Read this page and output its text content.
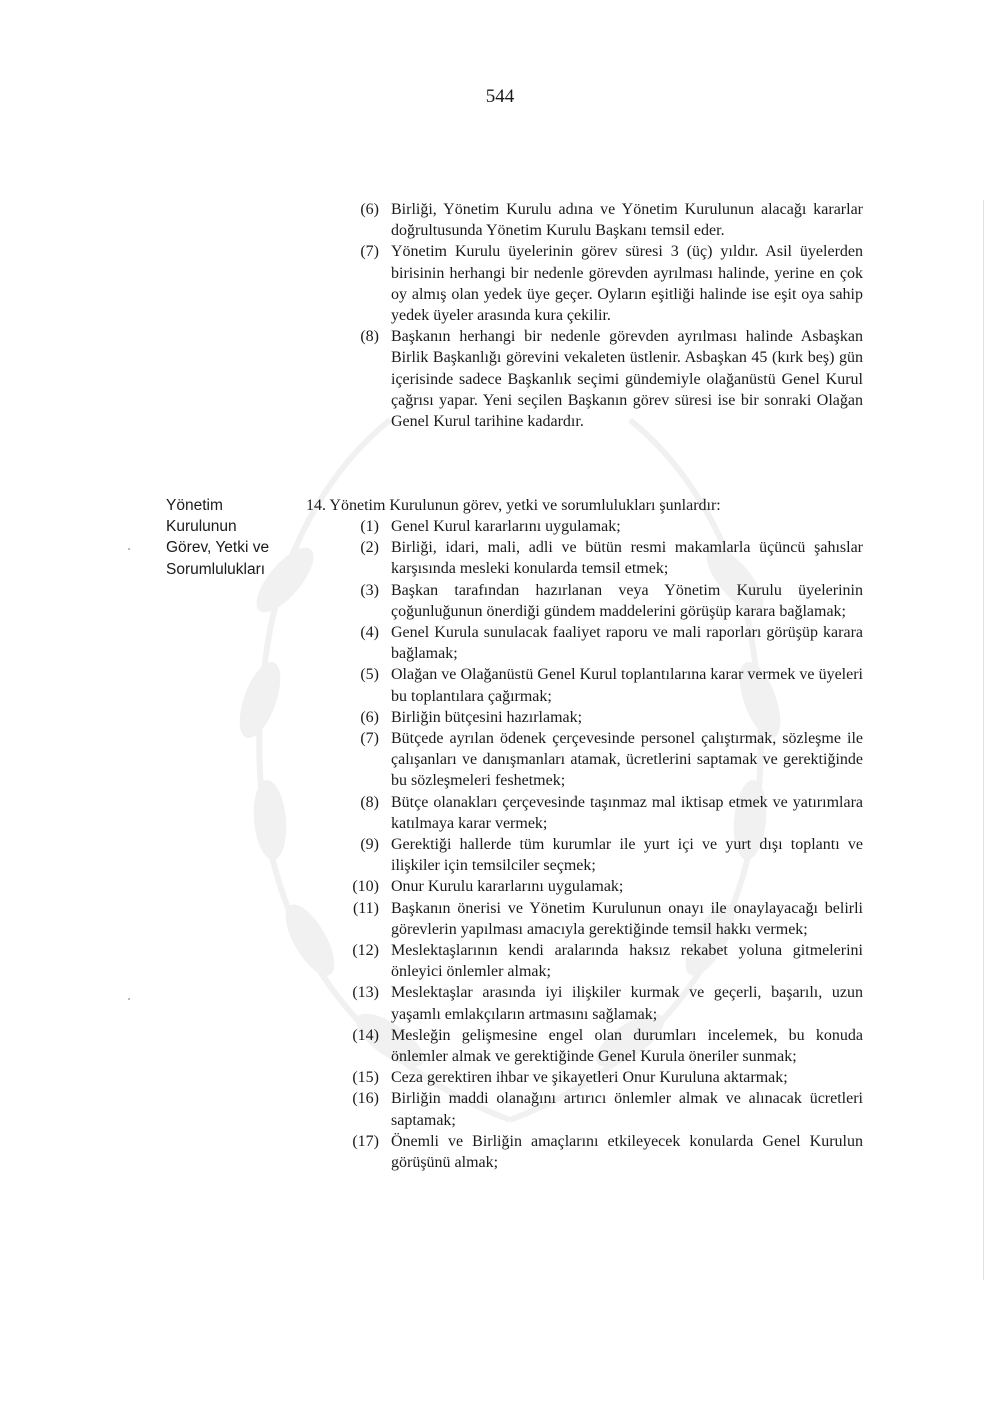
544
(6) Birliği, Yönetim Kurulu adına ve Yönetim Kurulunun alacağı kararlar doğrultusunda Yönetim Kurulu Başkanı temsil eder.
(7) Yönetim Kurulu üyelerinin görev süresi 3 (üç) yıldır. Asil üyelerden birisinin herhangi bir nedenle görevden ayrılması halinde, yerine en çok oy almış olan yedek üye geçer. Oyların eşitliği halinde ise eşit oya sahip yedek üyeler arasında kura çekilir.
(8) Başkanın herhangi bir nedenle görevden ayrılması halinde Asbaşkan Birlik Başkanlığı görevini vekaleten üstlenir. Asbaşkan 45 (kırk beş) gün içerisinde sadece Başkanlık seçimi gündemiyle olağanüstü Genel Kurul çağrısı yapar. Yeni seçilen Başkanın görev süresi ise bir sonraki Olağan Genel Kurul tarihine kadardır.
Yönetim
Kurulunun
Görev, Yetki ve
Sorumlulukları
14. Yönetim Kurulunun görev, yetki ve sorumlulukları şunlardır:
(1) Genel Kurul kararlarını uygulamak;
(2) Birliği, idari, mali, adli ve bütün resmi makamlarla üçüncü şahıslar karşısında mesleki konularda temsil etmek;
(3) Başkan tarafından hazırlanan veya Yönetim Kurulu üyelerinin çoğunluğunun önerdiği gündem maddelerini görüşüp karara bağlamak;
(4) Genel Kurula sunulacak faaliyet raporu ve mali raporları görüşüp karara bağlamak;
(5) Olağan ve Olağanüstü Genel Kurul toplantılarına karar vermek ve üyeleri bu toplantılara çağırmak;
(6) Birliğin bütçesini hazırlamak;
(7) Bütçede ayrılan ödenek çerçevesinde personel çalıştırmak, sözleşme ile çalışanları ve danışmanları atamak, ücretlerini saptamak ve gerektiğinde bu sözleşmeleri feshetmek;
(8) Bütçe olanakları çerçevesinde taşınmaz mal iktisap etmek ve yatırımlara katılmaya karar vermek;
(9) Gerektiği hallerde tüm kurumlar ile yurt içi ve yurt dışı toplantı ve ilişkiler için temsilciler seçmek;
(10) Onur Kurulu kararlarını uygulamak;
(11) Başkanın önerisi ve Yönetim Kurulunun onayı ile onaylayacağı belirli görevlerin yapılması amacıyla gerektiğinde temsil hakkı vermek;
(12) Meslektaşlarının kendi aralarında haksız rekabet yoluna gitmelerini önleyici önlemler almak;
(13) Meslektaşlar arasında iyi ilişkiler kurmak ve geçerli, başarılı, uzun yaşamlı emlakçıların artmasını sağlamak;
(14) Mesleğin gelişmesine engel olan durumları incelemek, bu konuda önlemler almak ve gerektiğinde Genel Kurula öneriler sunmak;
(15) Ceza gerektiren ihbar ve şikayetleri Onur Kuruluna aktarmak;
(16) Birliğin maddi olanağını artırıcı önlemler almak ve alınacak ücretleri saptamak;
(17) Önemli ve Birliğin amaçlarını etkileyecek konularda Genel Kurulun görüşünü almak;
